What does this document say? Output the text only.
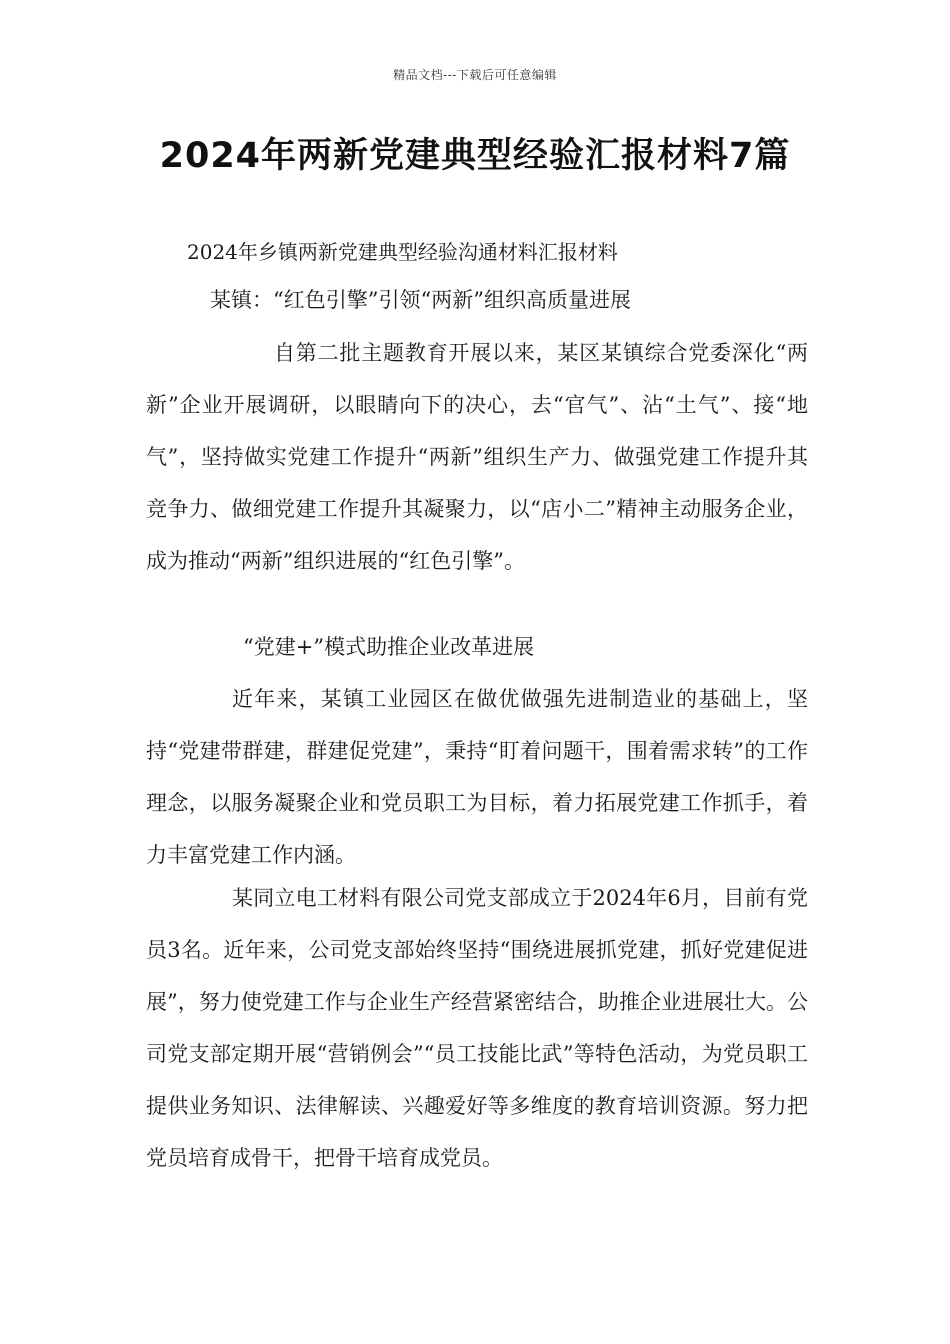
精品文档---下载后可任意编辑
2024年两新党建典型经验汇报材料7篇
2024年乡镇两新党建典型经验沟通材料汇报材料
某镇：“红色引擎”引领“两新”组织高质量进展

自第二批主题教育开展以来，某区某镇综合党委深化“两新”企业开展调研，以眼睛向下的决心，去“官气”、沾“土气”、接“地气”，坚持做实党建工作提升“两新”组织生产力、做强党建工作提升其竞争力、做细党建工作提升其凝聚力，以“店小二”精神主动服务企业，成为推动“两新”组织进展的“红色引擎”。

“党建+”模式助推企业改革进展

近年来，某镇工业园区在做优做强先进制造业的基础上，坚持“党建带群建，群建促党建”，秉持“盯着问题干，围着需求转”的工作理念，以服务凝聚企业和党员职工为目标，着力拓展党建工作抓手，着力丰富党建工作内涵。

某同立电工材料有限公司党支部成立于2024年6月，目前有党员3名。近年来，公司党支部始终坚持“围绕进展抓党建，抓好党建促进展”，努力使党建工作与企业生产经营紧密结合，助推企业进展壮大。公司党支部定期开展“营销例会”“员工技能比武”等特色活动，为党员职工提供业务知识、法律解读、兴趣爱好等多维度的教育培训资源。努力把党员培育成骨干，把骨干培育成党员。
